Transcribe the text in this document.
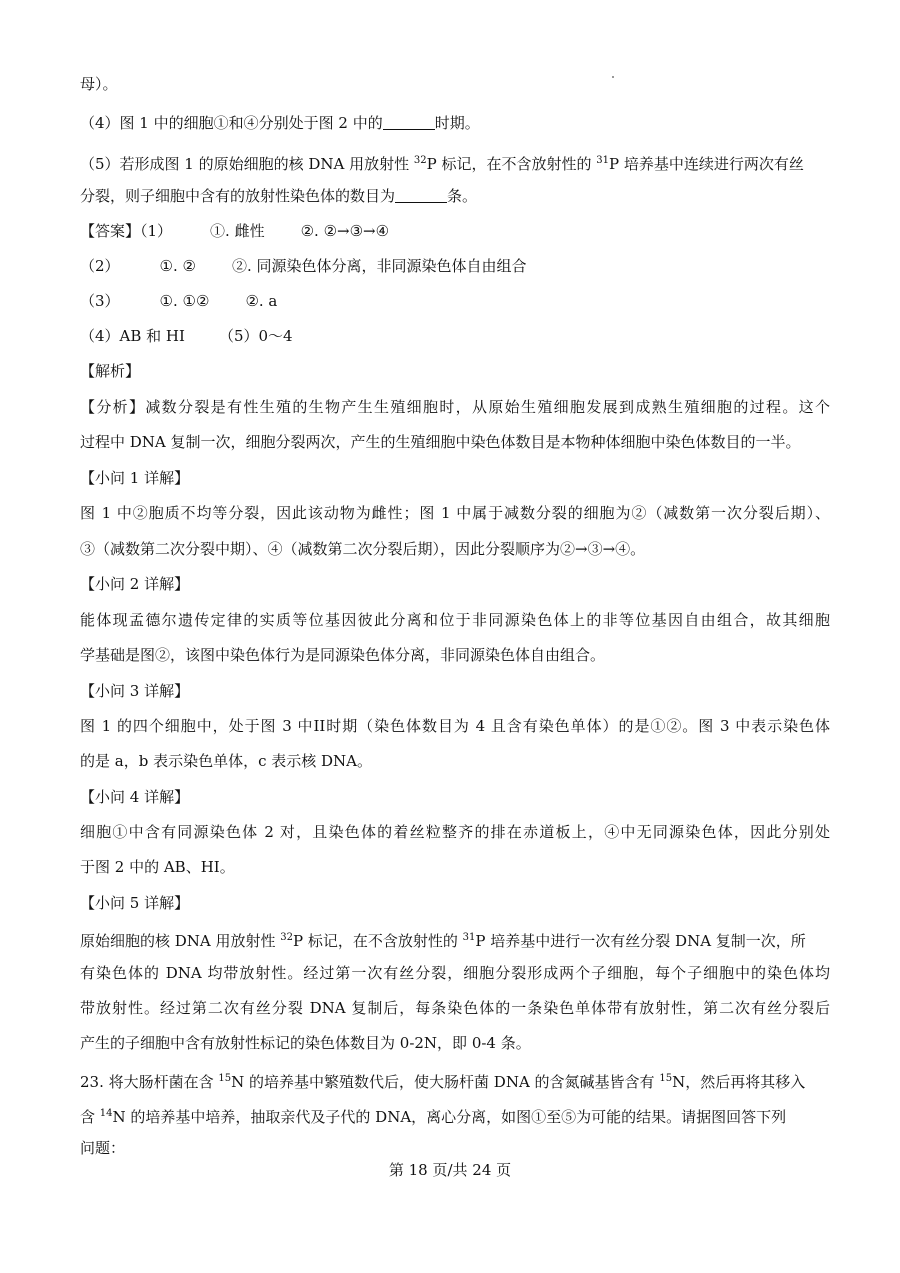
母）。
（4）图 1 中的细胞①和④分别处于图 2 中的	时期。
（5）若形成图 1 的原始细胞的核 DNA 用放射性 $^{32}$P 标记，在不含放射性的 $^{31}$P 培养基中连续进行两次有丝
分裂，则子细胞中含有的放射性染色体的数目为	条。
【答案】（1）	①. 雌性 ②. ②→③→④
（2）	①. ② ②. 同源染色体分离，非同源染色体自由组合
（3）	①. ①② ②. a
（4）AB 和 HI （5）0～4
【解析】
【分析】减数分裂是有性生殖的生物产生生殖细胞时，从原始生殖细胞发展到成熟生殖细胞的过程。这个
过程中 DNA 复制一次，细胞分裂两次，产生的生殖细胞中染色体数目是本物种体细胞中染色体数目的一半。
【小问 1 详解】
图 1 中②胞质不均等分裂，因此该动物为雌性；图 1 中属于减数分裂的细胞为②（减数第一次分裂后期）、
③（减数第二次分裂中期）、④（减数第二次分裂后期），因此分裂顺序为②→③→④。
【小问 2 详解】
能体现孟德尔遗传定律的实质等位基因彼此分离和位于非同源染色体上的非等位基因自由组合，故其细胞
学基础是图②，该图中染色体行为是同源染色体分离，非同源染色体自由组合。
【小问 3 详解】
图 1 的四个细胞中，处于图 3 中II时期（染色体数目为 4 且含有染色单体）的是①②。图 3 中表示染色体
的是 a，b 表示染色单体，c 表示核 DNA。
【小问 4 详解】
细胞①中含有同源染色体 2 对，且染色体的着丝粒整齐的排在赤道板上，④中无同源染色体，因此分别处
于图 2 中的 AB、HI。
【小问 5 详解】
原始细胞的核 DNA 用放射性 $^{32}$P 标记，在不含放射性的 $^{31}$P 培养基中进行一次有丝分裂 DNA 复制一次，所
有染色体的 DNA 均带放射性。经过第一次有丝分裂，细胞分裂形成两个子细胞，每个子细胞中的染色体均
带放射性。经过第二次有丝分裂 DNA 复制后，每条染色体的一条染色单体带有放射性，第二次有丝分裂后
产生的子细胞中含有放射性标记的染色体数目为 0-2N，即 0-4 条。
23. 将大肠杆菌在含 $^{15}$N 的培养基中繁殖数代后，使大肠杆菌 DNA 的含氮碱基皆含有 $^{15}$N，然后再将其移入
含 $^{14}$N 的培养基中培养，抽取亲代及子代的 DNA，离心分离，如图①至⑤为可能的结果。请据图回答下列
问题：
第 18 页/共 24 页
